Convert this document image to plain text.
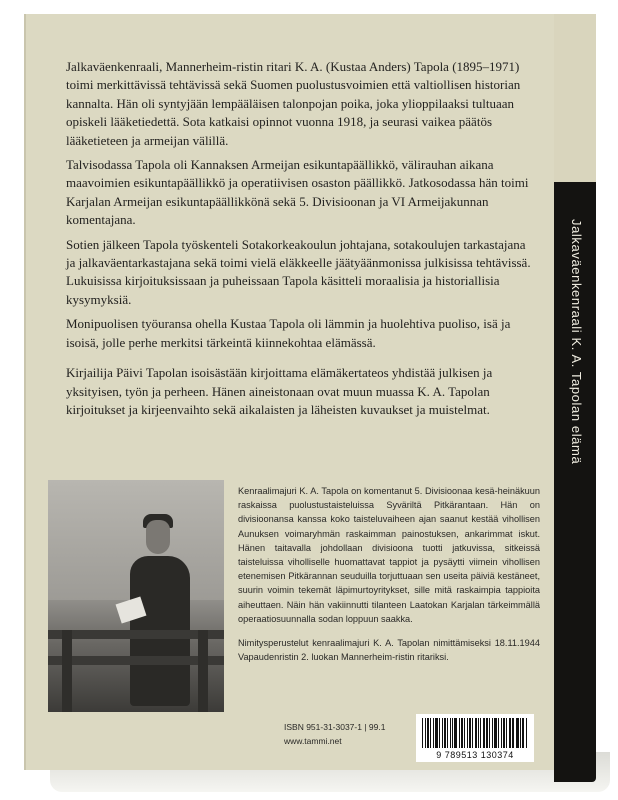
Jalkaväenkenraali, Mannerheim-ristin ritari K. A. (Kustaa Anders) Tapola (1895–1971) toimi merkittävissä tehtävissä sekä Suomen puolustusvoimien että valtiollisen historian kannalta. Hän oli syntyjään lempääläisen talonpojan poika, joka ylioppilaaksi tultuaan opiskeli lääketiedettä. Sota katkaisi opinnot vuonna 1918, ja seurasi vaikea päätös lääketieteen ja armeijan välillä.

Talvisodassa Tapola oli Kannaksen Armeijan esikuntapäällikkö, välirauhan aikana maavoimien esikuntapäällikkö ja operatiivisen osaston päällikkö. Jatkosodassa hän toimi Karjalan Armeijan esikuntapäällikkönä sekä 5. Divisioonan ja VI Armeijakunnan komentajana.

Sotien jälkeen Tapola työskenteli Sotakorkeakoulun johtajana, sotakoulujen tarkastajana ja jalkaväentarkastajana sekä toimi vielä eläkkeelle jäätyäänmonissa julkisissa tehtävissä. Lukuisissa kirjoituksissaan ja puheissaan Tapola käsitteli moraalisia ja historiallisia kysymyksiä.

Monipuolisen työuransa ohella Kustaa Tapola oli lämmin ja huolehtiva puoliso, isä ja isoisä, jolle perhe merkitsi tärkeintä kiinnekohtaa elämässä.

Kirjailija Päivi Tapolan isoisästään kirjoittama elämäkertateos yhdistää julkisen ja yksityisen, työn ja perheen. Hänen aineistonaan ovat muun muassa K. A. Tapolan kirjoitukset ja kirjeenvaihto sekä aikalaisten ja läheisten kuvaukset ja muistelmat.

Kenraalimajuri K. A. Tapola on komentanut 5. Divisioonaa kesä-heinäkuun raskaissa puolustustaisteluissa Syväriltä Pitkärantaan. Hän on divisioonansa kanssa koko taisteluvaiheen ajan saanut kestää vihollisen Aunuksen voimaryhmän raskaimman painostuksen, ankarimmat iskut. Hänen taitavalla johdollaan divisioona tuotti jatkuvissa, sitkeissä taisteluissa viholliselle huomattavat tappiot ja pysäytti viimein vihollisen etenemisen Pitkärannan seuduilla torjuttuaan sen useita päiviä kestäneet, suurin voimin tekemät läpimurtoyritykset, sille mitä raskaimpia tappioita aiheuttaen. Näin hän vakiinnutti tilanteen Laatokan Karjalan tärkeimmällä operaatiosuunnalla sodan loppuun saakka.

Nimitysperustelut kenraalimajuri K. A. Tapolan nimittämiseksi 18.11.1944 Vapaudenristin 2. luokan Mannerheim-ristin ritariksi.

ISBN 951-31-3037-1 | 99.1
www.tammi.net
9 789513 130374
Jalkaväenkenraali K. A. Tapolan elämä
